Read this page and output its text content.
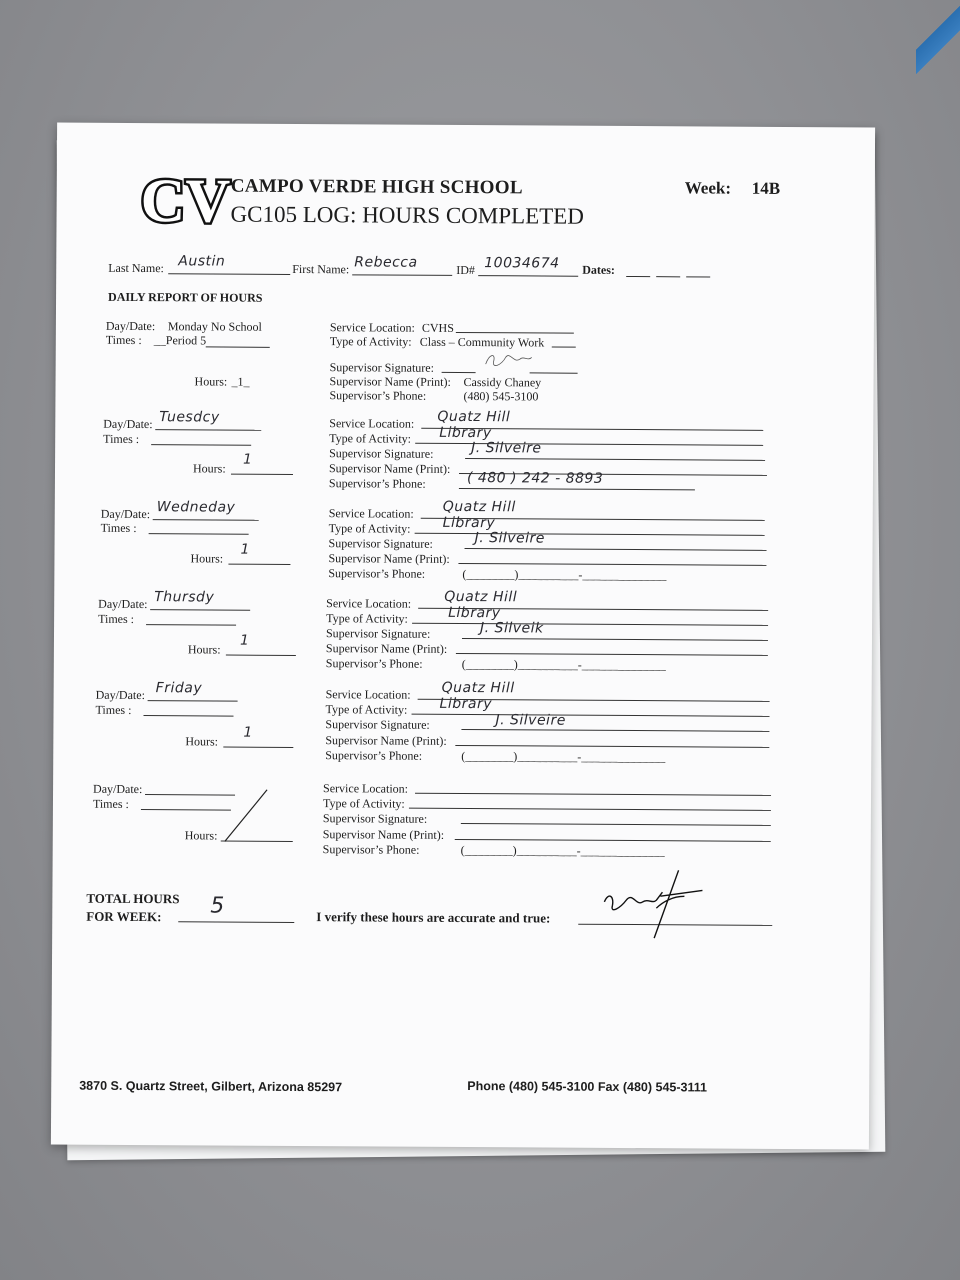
CV CAMPO VERDE HIGH SCHOOL
GC105 LOG: HOURS COMPLETED
Week: 14B
Last Name: Austin	First Name: Rebecca	ID# 10034674 Dates:
DAILY REPORT OF HOURS
Day/Date: Monday No School
Times : __Period 5
Hours: _1_
Service Location: CVHS
Type of Activity: Class – Community Work
Supervisor Signature:
Supervisor Name (Print): Cassidy Chaney
Supervisor’s Phone:	(480) 545-3100
Day/Date: Tuesdcy
Times :
Hours:
1
Service Location: Quatz Hill
Type of Activity: Library
Supervisor Signature:	J. Silveire
Supervisor Name (Print):
Supervisor’s Phone:	( 480 ) 242 - 8893
Day/Date: Wedneday
Times :
Hours:
1
Service Location: Quatz Hill
Type of Activity: Library
Supervisor Signature:	J. Silveire
Supervisor Name (Print):
Supervisor’s Phone:	(________)__________-______________
Day/Date: Thursdy
Times :
Hours:
1
Service Location: Quatz Hill
Type of Activity:	Library
Supervisor Signature:	J. Silveik
Supervisor Name (Print):
Supervisor’s Phone:	(________)__________-______________
Day/Date: Friday
Times :
Hours:
1
Service Location: Quatz Hill
Type of Activity: Library
Supervisor Signature:	J. Silveire
Supervisor Name (Print):
Supervisor’s Phone:	(________)__________-______________
Day/Date:
Times :
Hours:
Service Location:
Type of Activity:
Supervisor Signature:
Supervisor Name (Print):
Supervisor’s Phone:	(________)__________-______________
TOTAL HOURS
FOR WEEK: 5	I verify these hours are accurate and true:
3870 S. Quartz Street, Gilbert, Arizona 85297	Phone (480) 545-3100 Fax (480) 545-3111
